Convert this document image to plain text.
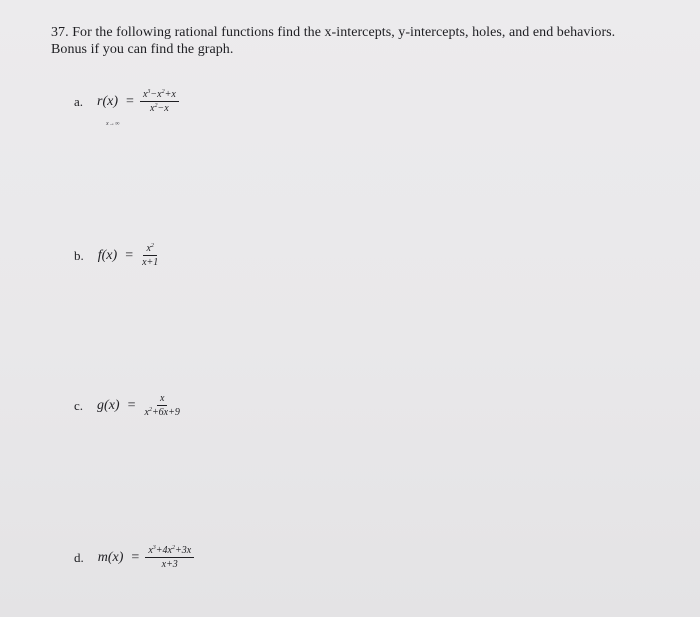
37. For the following rational functions find the x-intercepts, y-intercepts, holes, and end behaviors.
Bonus if you can find the graph.
a. $r(x) = \frac{x^3-x^2+x}{x^2-x}$
x→∞
b. $f(x) = \frac{x^2}{x+1}$
c. $g(x) = \frac{x}{x^2+6x+9}$
d. $m(x) = \frac{x^3+4x^2+3x}{x+3}$
